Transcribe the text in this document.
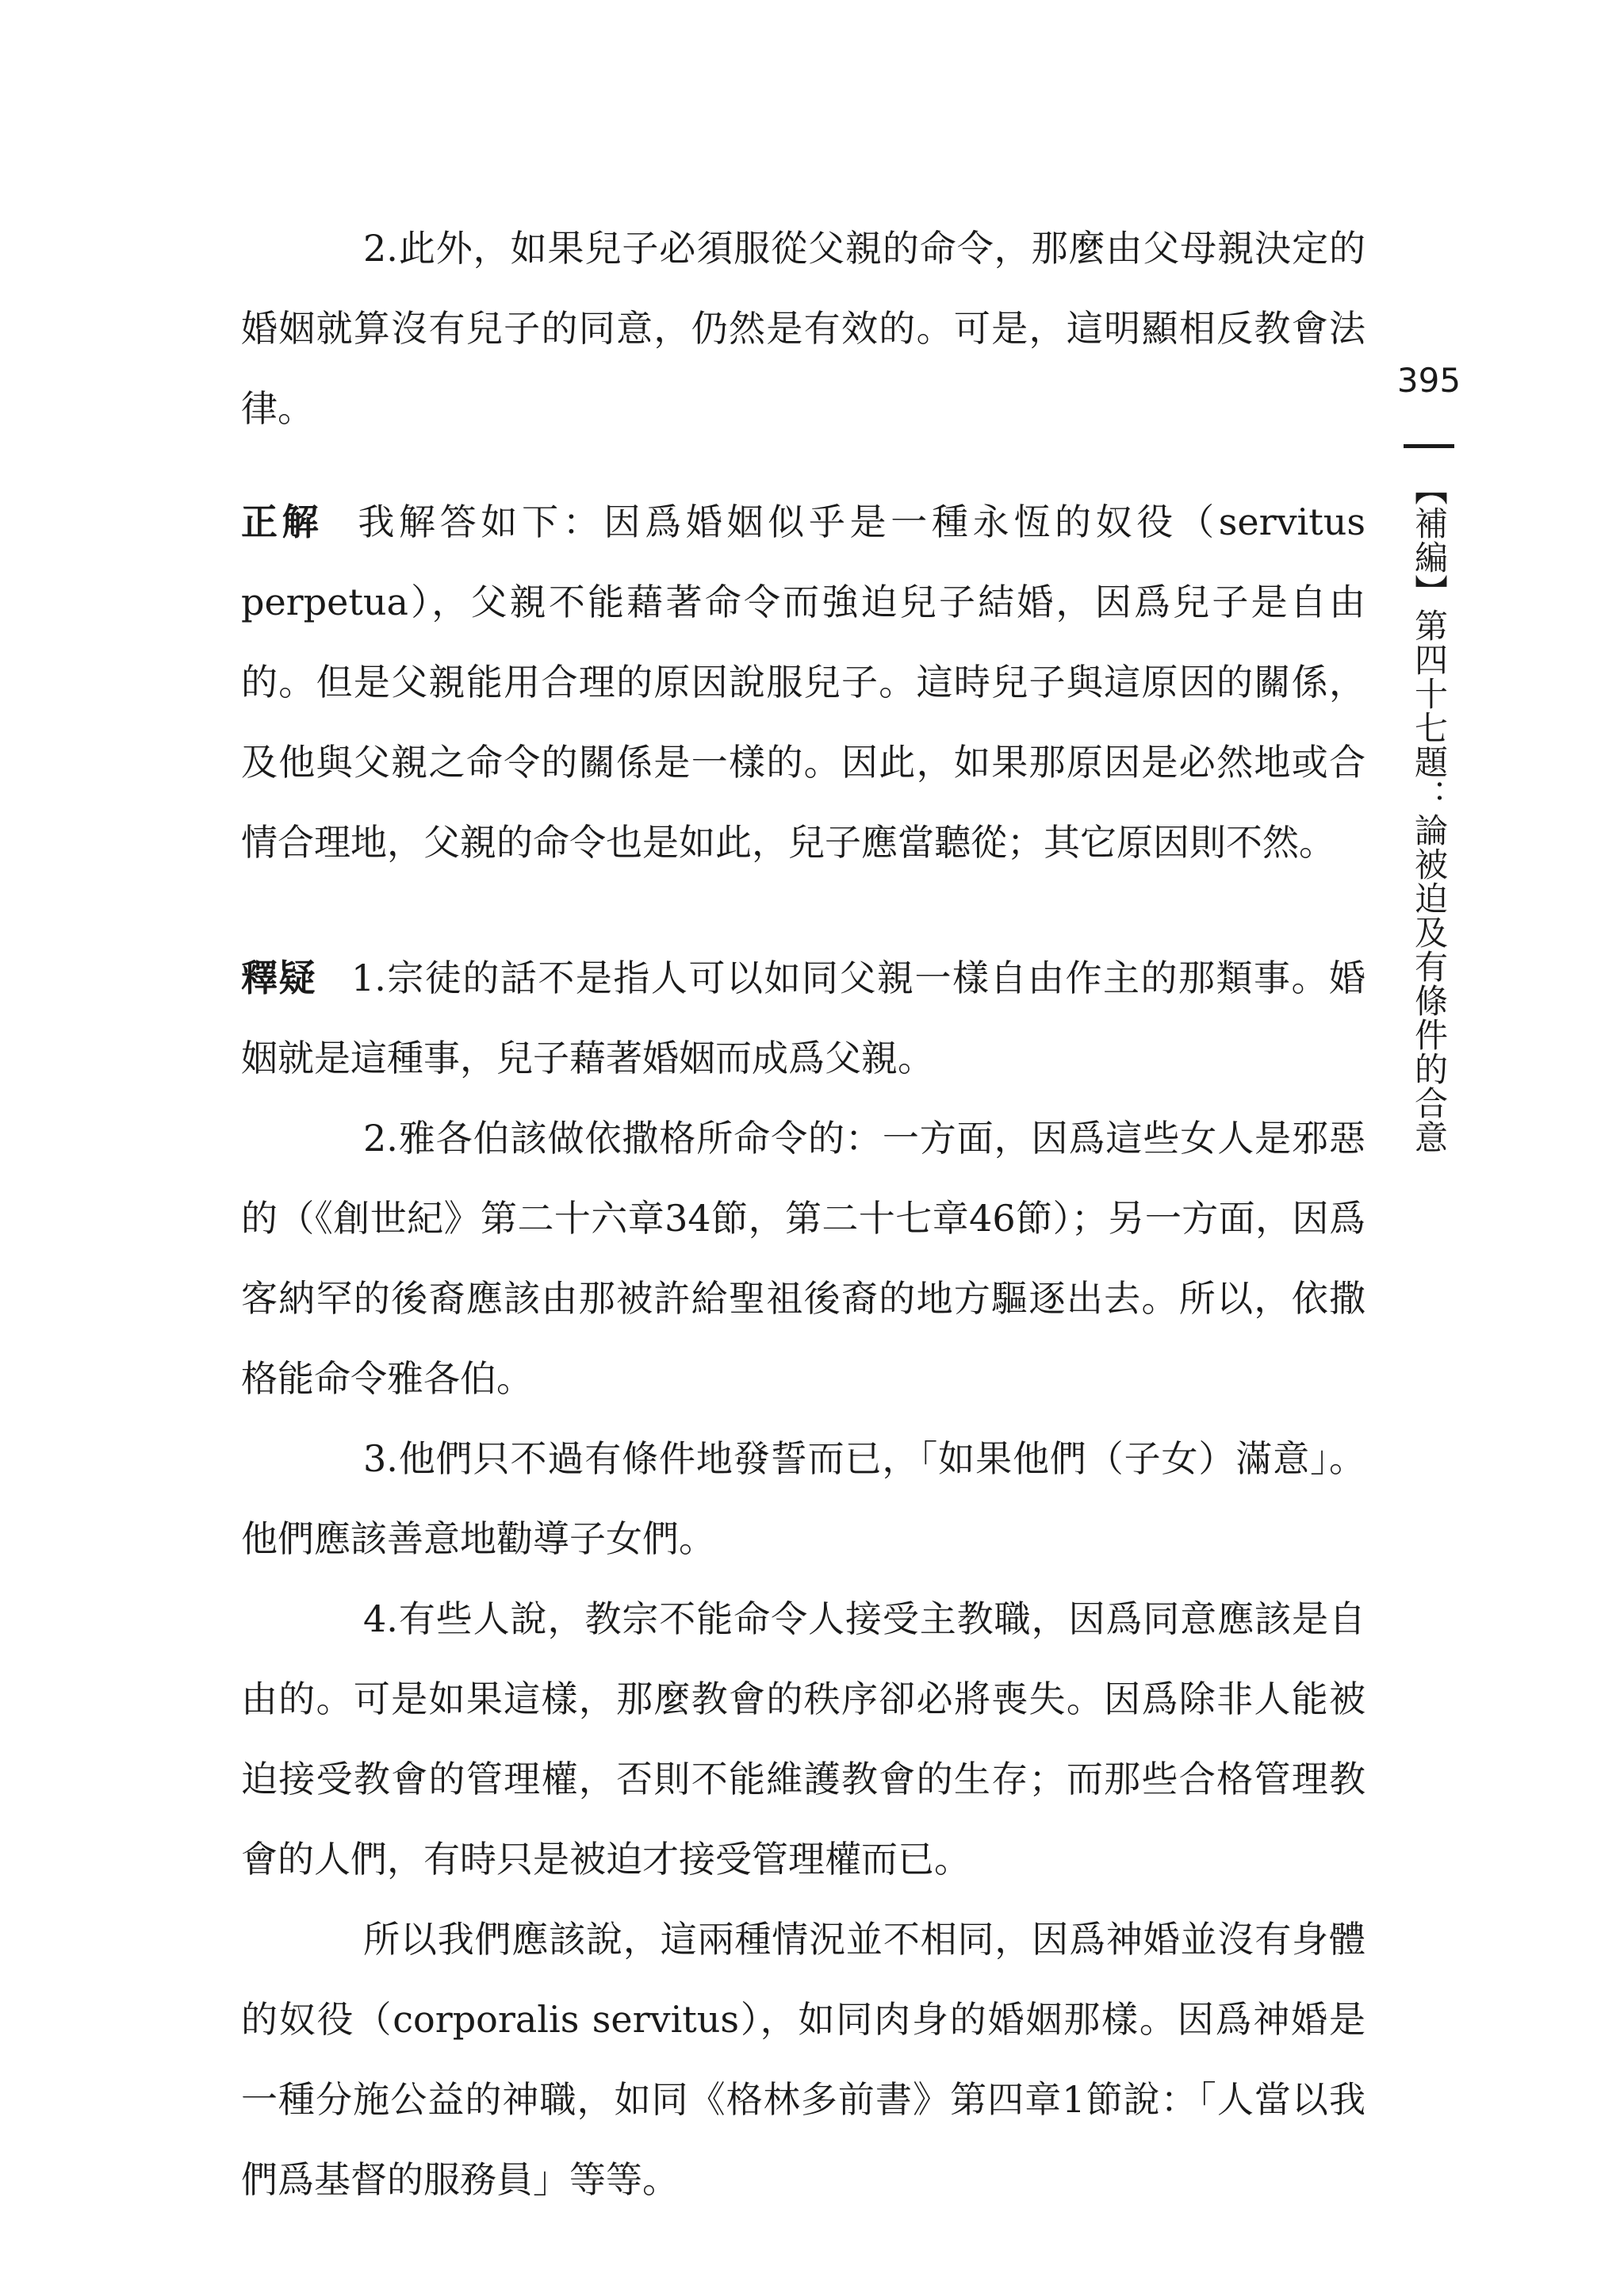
2.此外，如果兒子必須服從父親的命令，那麼由父母親決定的婚姻就算沒有兒子的同意，仍然是有效的。可是，這明顯相反教會法律。

正解 我解答如下：因爲婚姻似乎是一種永恆的奴役（servitus perpetua），父親不能藉著命令而強迫兒子結婚，因爲兒子是自由的。但是父親能用合理的原因說服兒子。這時兒子與這原因的關係，及他與父親之命令的關係是一樣的。因此，如果那原因是必然地或合情合理地，父親的命令也是如此，兒子應當聽從；其它原因則不然。

釋疑 1.宗徒的話不是指人可以如同父親一樣自由作主的那類事。婚姻就是這種事，兒子藉著婚姻而成爲父親。

2.雅各伯該做依撒格所命令的：一方面，因爲這些女人是邪惡的（《創世紀》第二十六章34節，第二十七章46節）；另一方面，因爲客納罕的後裔應該由那被許給聖祖後裔的地方驅逐出去。所以，依撒格能命令雅各伯。

3.他們只不過有條件地發誓而已，「如果他們（子女）滿意」。他們應該善意地勸導子女們。

4.有些人說，教宗不能命令人接受主教職，因爲同意應該是自由的。可是如果這樣，那麼教會的秩序卻必將喪失。因爲除非人能被迫接受教會的管理權，否則不能維護教會的生存；而那些合格管理教會的人們，有時只是被迫才接受管理權而已。

所以我們應該說，這兩種情況並不相同，因爲神婚並沒有身體的奴役（corporalis servitus），如同肉身的婚姻那樣。因爲神婚是一種分施公益的神職，如同《格林多前書》第四章1節說：「人當以我們爲基督的服務員」等等。

395
【補編】第四十七題：論被迫及有條件的合意
